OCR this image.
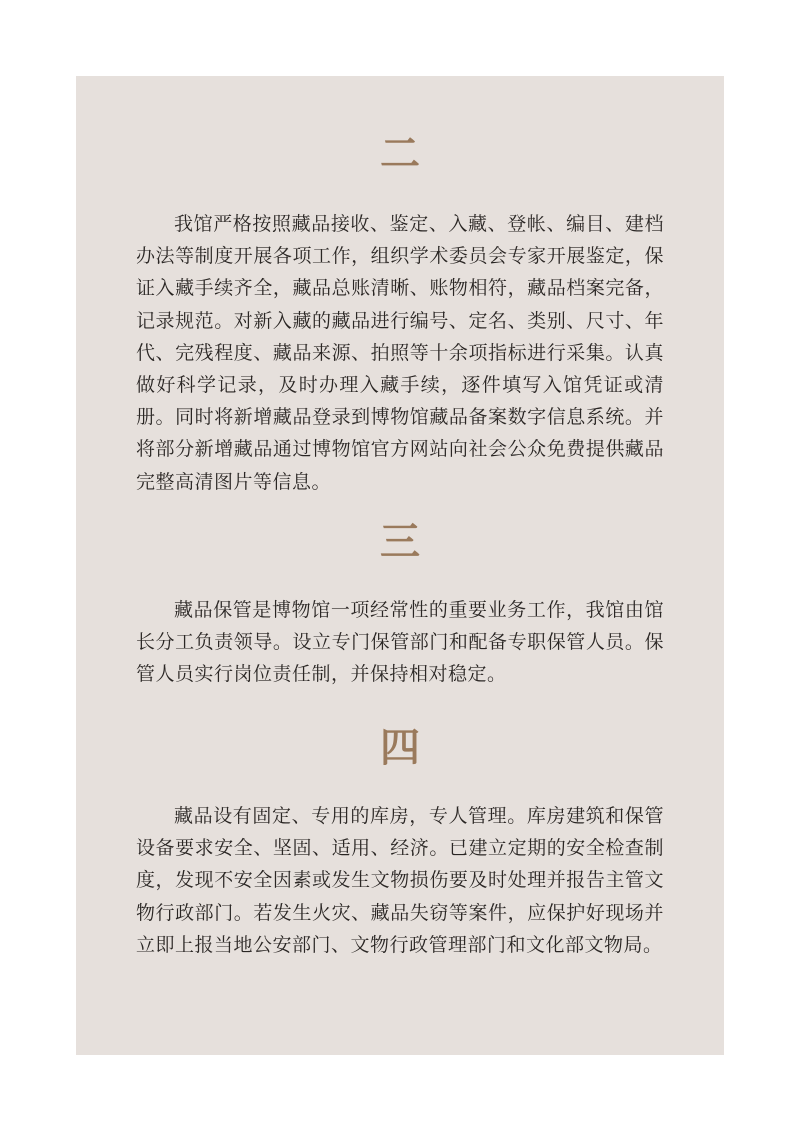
二

我馆严格按照藏品接收、鉴定、入藏、登帐、编目、建档办法等制度开展各项工作，组织学术委员会专家开展鉴定，保证入藏手续齐全，藏品总账清晰、账物相符，藏品档案完备，记录规范。对新入藏的藏品进行编号、定名、类别、尺寸、年代、完残程度、藏品来源、拍照等十余项指标进行采集。认真做好科学记录，及时办理入藏手续，逐件填写入馆凭证或清册。同时将新增藏品登录到博物馆藏品备案数字信息系统。并将部分新增藏品通过博物馆官方网站向社会公众免费提供藏品完整高清图片等信息。

三

藏品保管是博物馆一项经常性的重要业务工作，我馆由馆长分工负责领导。设立专门保管部门和配备专职保管人员。保管人员实行岗位责任制，并保持相对稳定。

四

藏品设有固定、专用的库房，专人管理。库房建筑和保管设备要求安全、坚固、适用、经济。已建立定期的安全检查制度，发现不安全因素或发生文物损伤要及时处理并报告主管文物行政部门。若发生火灾、藏品失窃等案件，应保护好现场并立即上报当地公安部门、文物行政管理部门和文化部文物局。
